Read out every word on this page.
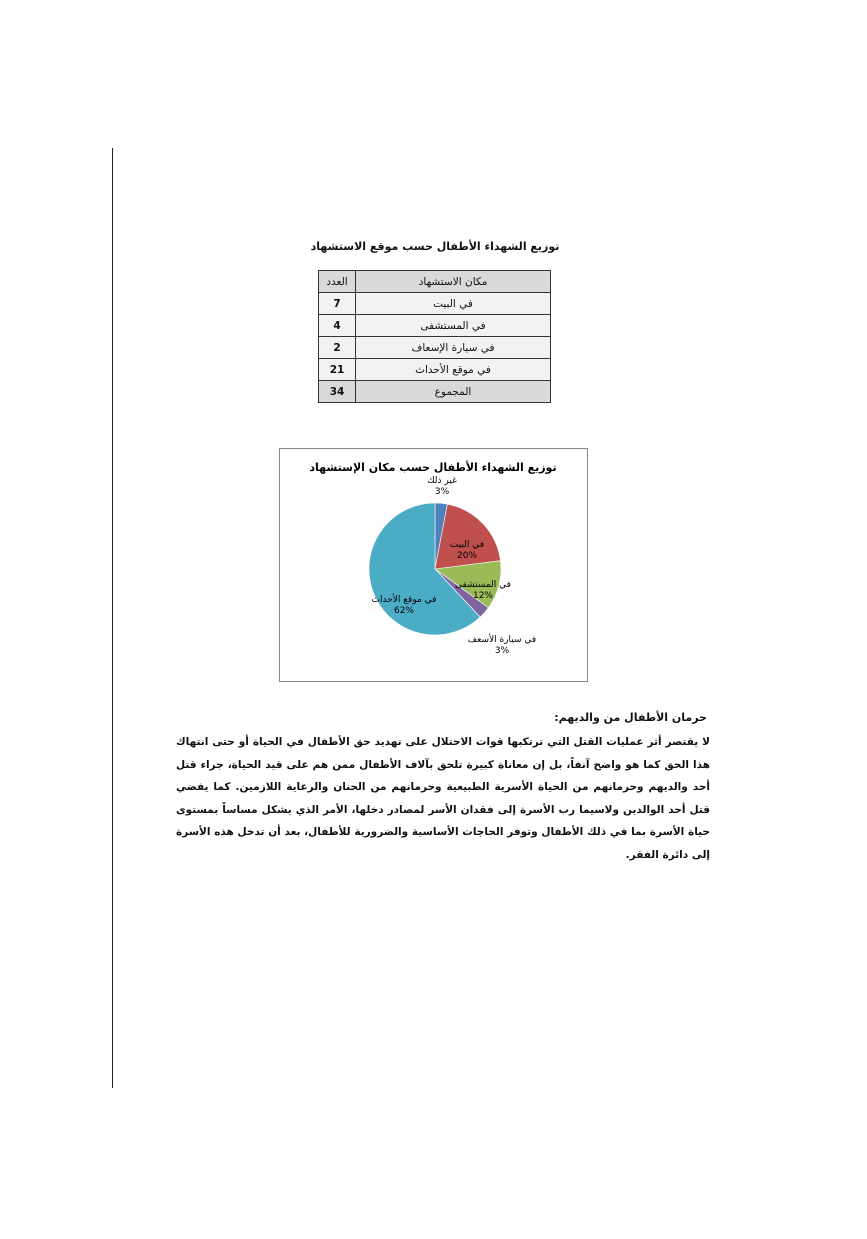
توزيع الشهداء الأطفال حسب موقع الاستشهاد
مكان الاستشهاد	العدد
في البيت	7
في المستشفى	4
في سيارة الإسعاف	2
في موقع الأحداث	21
المجموع	34
توزيع الشهداء الأطفال حسب مكان الإستشهاد
غير ذلك
3%
في البيت
20%
في المستشفى
12%
في سيارة الأسعف
3%
في موقع الأحداث
62%
حرمان الأطفال من والديهم:
لا يقتصر أثر عمليات القتل التي ترتكبها قوات الاحتلال على تهديد حق الأطفال في الحياة أو حتى انتهاك هذا الحق كما هو واضح آنفاً، بل إن معاناة كبيرة تلحق بآلاف الأطفال ممن هم على قيد الحياة، جراء قتل أحد والديهم وحرمانهم من الحياة الأسرية الطبيعية وحرمانهم من الحنان والرعاية اللازمين. كما يفضي قتل أحد الوالدين ولاسيما رب الأسرة إلى فقدان الأسر لمصادر دخلها، الأمر الذي يشكل مساساً بمستوى حياة الأسرة بما في ذلك الأطفال وتوفر الحاجات الأساسية والضرورية للأطفال، بعد أن تدخل هذه الأسرة إلى دائرة الفقر.
